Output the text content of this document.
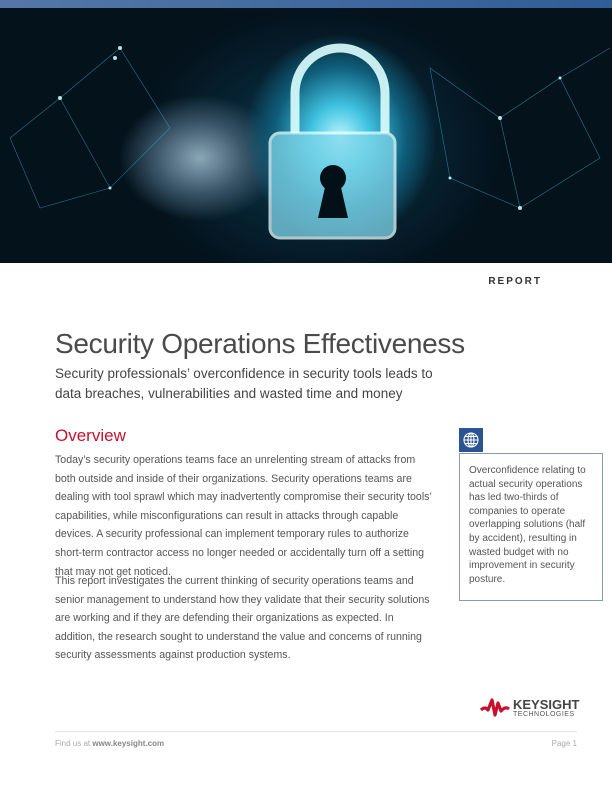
REPORT
Security Operations Effectiveness
Security professionals’ overconfidence in security tools leads to data breaches, vulnerabilities and wasted time and money
Overview
Today’s security operations teams face an unrelenting stream of attacks from both outside and inside of their organizations. Security operations teams are dealing with tool sprawl which may inadvertently compromise their security tools’ capabilities, while misconfigurations can result in attacks through capable devices. A security professional can implement temporary rules to authorize short-term contractor access no longer needed or accidentally turn off a setting that may not get noticed.
This report investigates the current thinking of security operations teams and senior management to understand how they validate that their security solutions are working and if they are defending their organizations as expected. In addition, the research sought to understand the value and concerns of running security assessments against production systems.
Overconfidence relating to actual security operations has led two-thirds of companies to operate overlapping solutions (half by accident), resulting in wasted budget with no improvement in security posture.
KEYSIGHT
TECHNOLOGIES
Find us at www.keysight.com	Page 1
